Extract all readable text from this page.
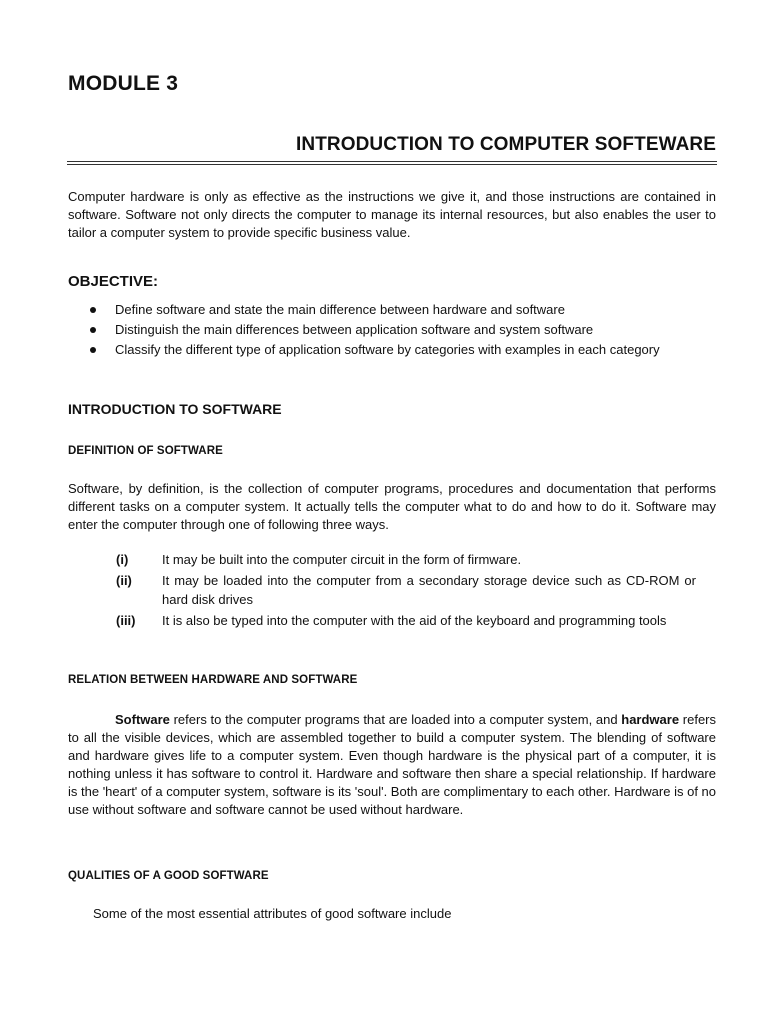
MODULE 3
INTRODUCTION TO COMPUTER SOFTEWARE

Computer hardware is only as effective as the instructions we give it, and those instructions are contained in software. Software not only directs the computer to manage its internal resources, but also enables the user to tailor a computer system to provide specific business value.

OBJECTIVE:
Define software and state the main difference between hardware and software
Distinguish the main differences between application software and system software
Classify the different type of application software by categories with examples in each category
INTRODUCTION TO SOFTWARE
DEFINITION OF SOFTWARE

Software, by definition, is the collection of computer programs, procedures and documentation that performs different tasks on a computer system. It actually tells the computer what to do and how to do it. Software may enter the computer through one of following three ways.

(i)	It may be built into the computer circuit in the form of firmware.
(ii) It may be loaded into the computer from a secondary storage device such as CD-ROM or hard disk drives
(iii) It is also be typed into the computer with the aid of the keyboard and programming tools
RELATION BETWEEN HARDWARE AND SOFTWARE

Software refers to the computer programs that are loaded into a computer system, and hardware refers to all the visible devices, which are assembled together to build a computer system. The blending of software and hardware gives life to a computer system. Even though hardware is the physical part of a computer, it is nothing unless it has software to control it. Hardware and software then share a special relationship. If hardware is the 'heart' of a computer system, software is its 'soul'. Both are complimentary to each other. Hardware is of no use without software and software cannot be used without hardware.

QUALITIES OF A GOOD SOFTWARE
Some of the most essential attributes of good software include
